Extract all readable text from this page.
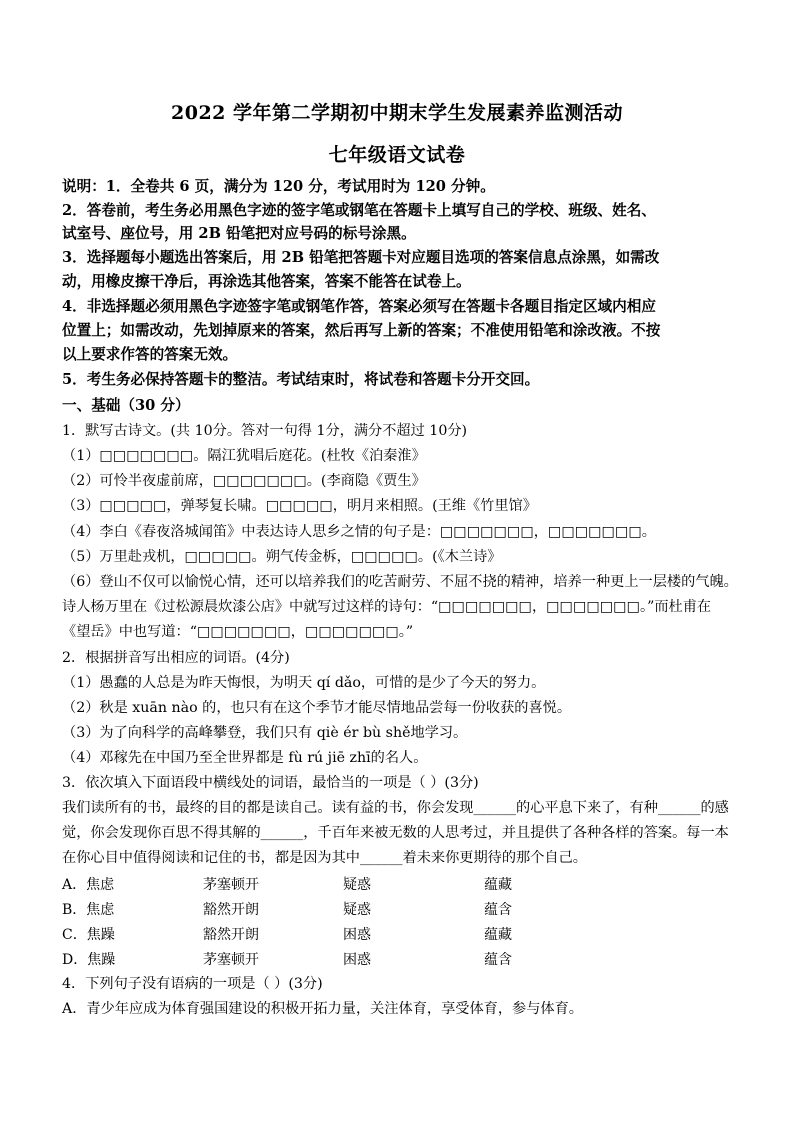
2022 学年第二学期初中期末学生发展素养监测活动
七年级语文试卷
说明：1．全卷共 6 页，满分为 120 分，考试用时为 120 分钟。
2．答卷前，考生务必用黑色字迹的签字笔或钢笔在答题卡上填写自己的学校、班级、姓名、
试室号、座位号，用 2B 铅笔把对应号码的标号涂黑。
3．选择题每小题选出答案后，用 2B 铅笔把答题卡对应题目选项的答案信息点涂黑，如需改
动，用橡皮擦干净后，再涂选其他答案，答案不能答在试卷上。
4．非选择题必须用黑色字迹签字笔或钢笔作答，答案必须写在答题卡各题目指定区域内相应
位置上；如需改动，先划掉原来的答案，然后再写上新的答案；不准使用铅笔和涂改液。不按
以上要求作答的答案无效。
5．考生务必保持答题卡的整洁。考试结束时，将试卷和答题卡分开交回。
一、基础（30 分）
1．默写古诗文。(共 10分。答对一句得 1分，满分不超过 10分)
（1）□□□□□□□。隔江犹唱后庭花。(杜牧《泊秦淮》
（2）可怜半夜虚前席，□□□□□□□。(李商隐《贾生》
（3）□□□□□，弹琴复长啸。□□□□□，明月来相照。(王维《竹里馆》
（4）李白《春夜洛城闻笛》中表达诗人思乡之情的句子是：□□□□□□□，□□□□□□□。
（5）万里赴戎机，□□□□□。朔气传金柝，□□□□□。(《木兰诗》
（6）登山不仅可以愉悦心情，还可以培养我们的吃苦耐劳、不屈不挠的精神，培养一种更上一层楼的气魄。
诗人杨万里在《过松源晨炊漆公店》中就写过这样的诗句：“□□□□□□□，□□□□□□□。”而杜甫在
《望岳》中也写道：“□□□□□□□，□□□□□□□。”
2．根据拼音写出相应的词语。(4分)
（1）愚蠢的人总是为昨天悔恨，为明天 qí dǎo，可惜的是少了今天的努力。
（2）秋是 xuān nào 的，也只有在这个季节才能尽情地品尝每一份收获的喜悦。
（3）为了向科学的高峰攀登，我们只有 qiè ér bù shě地学习。
（4）邓稼先在中国乃至全世界都是 fù rú jiē zhī的名人。
3．依次填入下面语段中横线处的词语，最恰当的一项是（ ）(3分)
我们读所有的书，最终的目的都是读自己。读有益的书，你会发现______的心平息下来了，有种______的感
觉，你会发现你百思不得其解的______，千百年来被无数的人思考过，并且提供了各种各样的答案。每一本
在你心目中值得阅读和记住的书，都是因为其中______着未来你更期待的那个自己。
A．焦虑	茅塞顿开	疑惑	蕴藏
B．焦虑	豁然开朗	疑惑	蕴含
C．焦躁	豁然开朗	困惑	蕴藏
D．焦躁	茅塞顿开	困惑	蕴含
4．下列句子没有语病的一项是（ ）(3分)
A．青少年应成为体育强国建设的积极开拓力量，关注体育，享受体育，参与体育。
